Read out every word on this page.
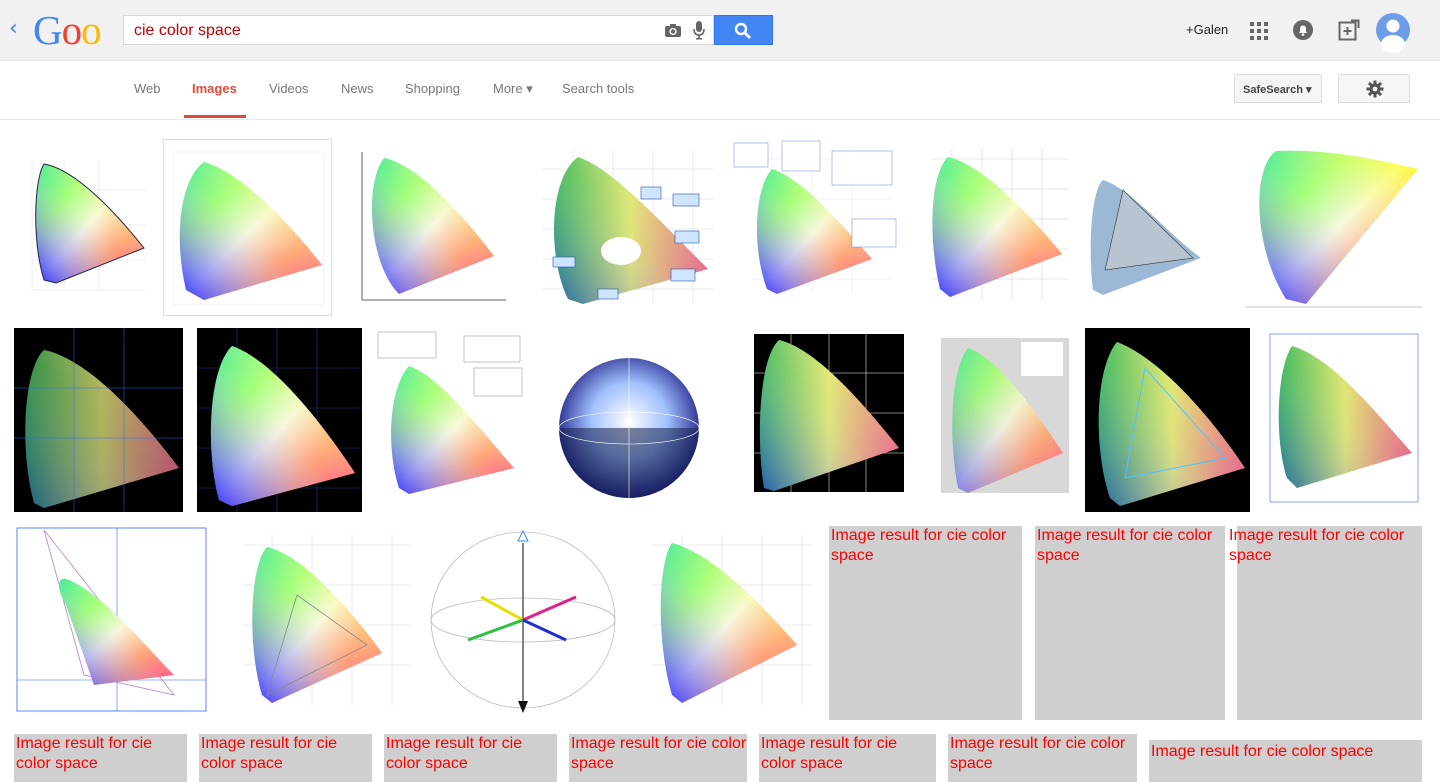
‹ Goo
cie color space	+Galen
Web Images Videos News Shopping	More ▾ Search tools	SafeSearch ▾
Image result for cie color space
Image result for cie color space
Image result for cie color space
Image result for cie color space
Image result for cie color space
Image result for cie color space
Image result for cie color space
Image result for cie color space
Image result for cie color space
Image result for cie color space
